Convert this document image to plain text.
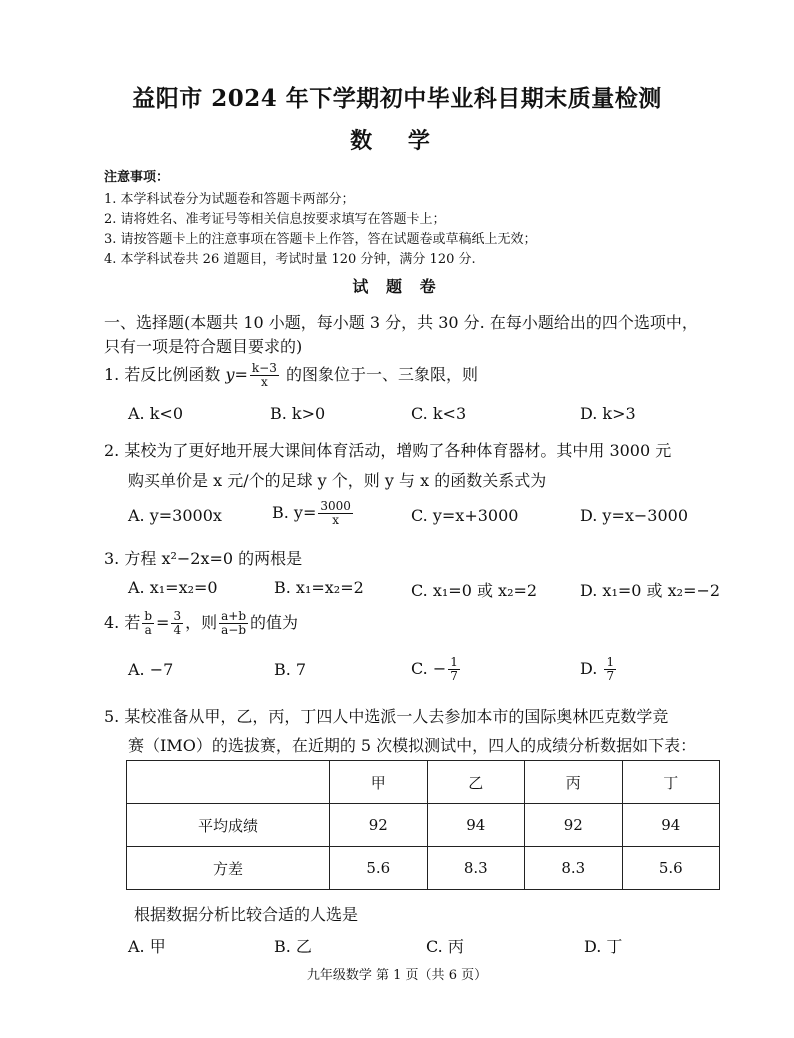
益阳市 2024 年下学期初中毕业科目期末质量检测
数 学
注意事项：
1. 本学科试卷分为试题卷和答题卡两部分；
2. 请将姓名、准考证号等相关信息按要求填写在答题卡上；
3. 请按答题卡上的注意事项在答题卡上作答，答在试题卷或草稿纸上无效；
4. 本学科试卷共 26 道题目，考试时量 120 分钟，满分 120 分.
试 题 卷
一、选择题(本题共 10 小题，每小题 3 分，共 30 分. 在每小题给出的四个选项中，
只有一项是符合题目要求的)
1. 若反比例函数 $y= \frac{k-3}{x}$ 的图象位于一、三象限，则
A. k<0	B. k>0	C. k<3	D. k>3
2. 某校为了更好地开展大课间体育活动，增购了各种体育器材。其中用 3000 元
购买单价是 x 元/个的足球 y 个，则 y 与 x 的函数关系式为
A. y=3000x	B. $y= \frac{3000}{x}$	C. y=x+3000	D. y=x−3000
3. 方程 x²−2x=0 的两根是
A. x₁=x₂=0	B. x₁=x₂=2	C. x₁=0 或 x₂=2	D. x₁=0 或 x₂=−2
4. 若 $\frac{b}{a} = \frac{3}{4}$ ，则 $\frac{a+b}{a-b}$ 的值为
A. −7	B. 7	C. − $\frac{1}{7}$	D. $\frac{1}{7}$
5. 某校准备从甲，乙，丙，丁四人中选派一人去参加本市的国际奥林匹克数学竞
赛（IMO）的选拔赛，在近期的 5 次模拟测试中，四人的成绩分析数据如下表：
	甲	乙	丙	丁
平均成绩	92	94	92	94
方差	5.6	8.3	8.3	5.6
根据数据分析比较合适的人选是
A. 甲	B. 乙	C. 丙	D. 丁
九年级数学 第 1 页（共 6 页）
